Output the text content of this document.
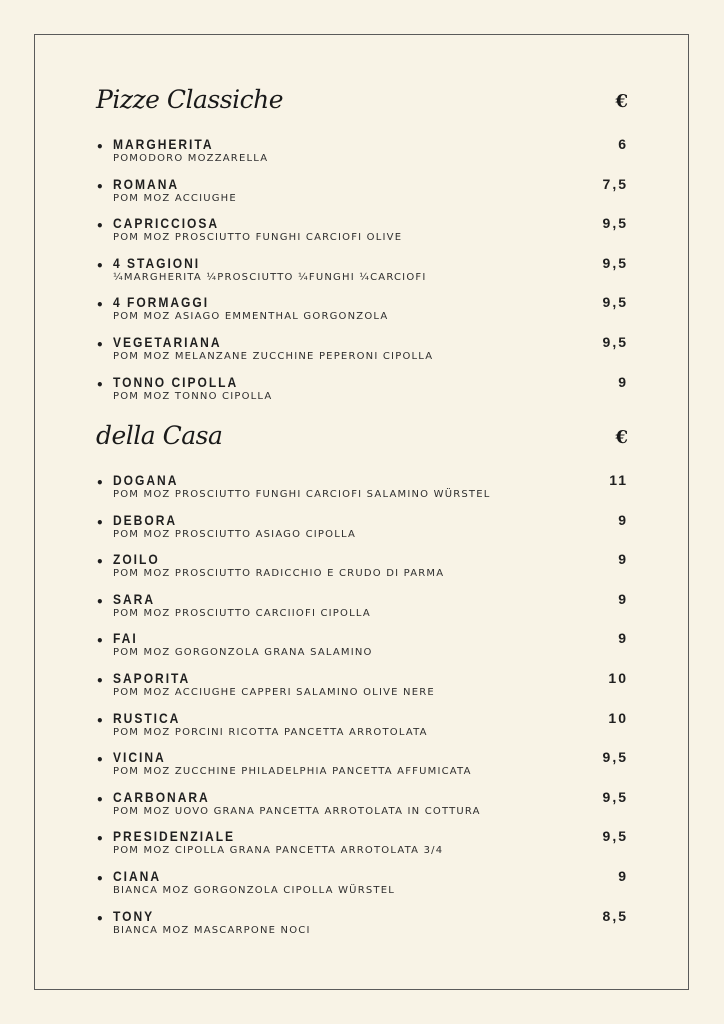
Pizze Classiche	€
• MARGHERITA	6
POMODORO MOZZARELLA
• ROMANA	7,5
POM MOZ ACCIUGHE
• CAPRICCIOSA	9,5
POM MOZ PROSCIUTTO FUNGHI CARCIOFI OLIVE
• 4 STAGIONI	9,5
¼MARGHERITA ¼PROSCIUTTO ¼FUNGHI ¼CARCIOFI
• 4 FORMAGGI	9,5
POM MOZ ASIAGO EMMENTHAL GORGONZOLA
• VEGETARIANA	9,5
POM MOZ MELANZANE ZUCCHINE PEPERONI CIPOLLA
• TONNO CIPOLLA	9
POM MOZ TONNO CIPOLLA
della Casa	€
• DOGANA	11
POM MOZ PROSCIUTTO FUNGHI CARCIOFI SALAMINO WÜRSTEL
• DEBORA	9
POM MOZ PROSCIUTTO ASIAGO CIPOLLA
• ZOILO	9
POM MOZ PROSCIUTTO RADICCHIO E CRUDO DI PARMA
• SARA	9
POM MOZ PROSCIUTTO CARCIIOFI CIPOLLA
• FAI	9
POM MOZ GORGONZOLA GRANA SALAMINO
• SAPORITA	10
POM MOZ ACCIUGHE CAPPERI SALAMINO OLIVE NERE
• RUSTICA	10
POM MOZ PORCINI RICOTTA PANCETTA ARROTOLATA
• VICINA	9,5
POM MOZ ZUCCHINE PHILADELPHIA PANCETTA AFFUMICATA
• CARBONARA	9,5
POM MOZ UOVO GRANA PANCETTA ARROTOLATA IN COTTURA
• PRESIDENZIALE	9,5
POM MOZ CIPOLLA GRANA PANCETTA ARROTOLATA 3/4
• CIANA	9
BIANCA MOZ GORGONZOLA CIPOLLA WÜRSTEL
• TONY	8,5
BIANCA MOZ MASCARPONE NOCI
